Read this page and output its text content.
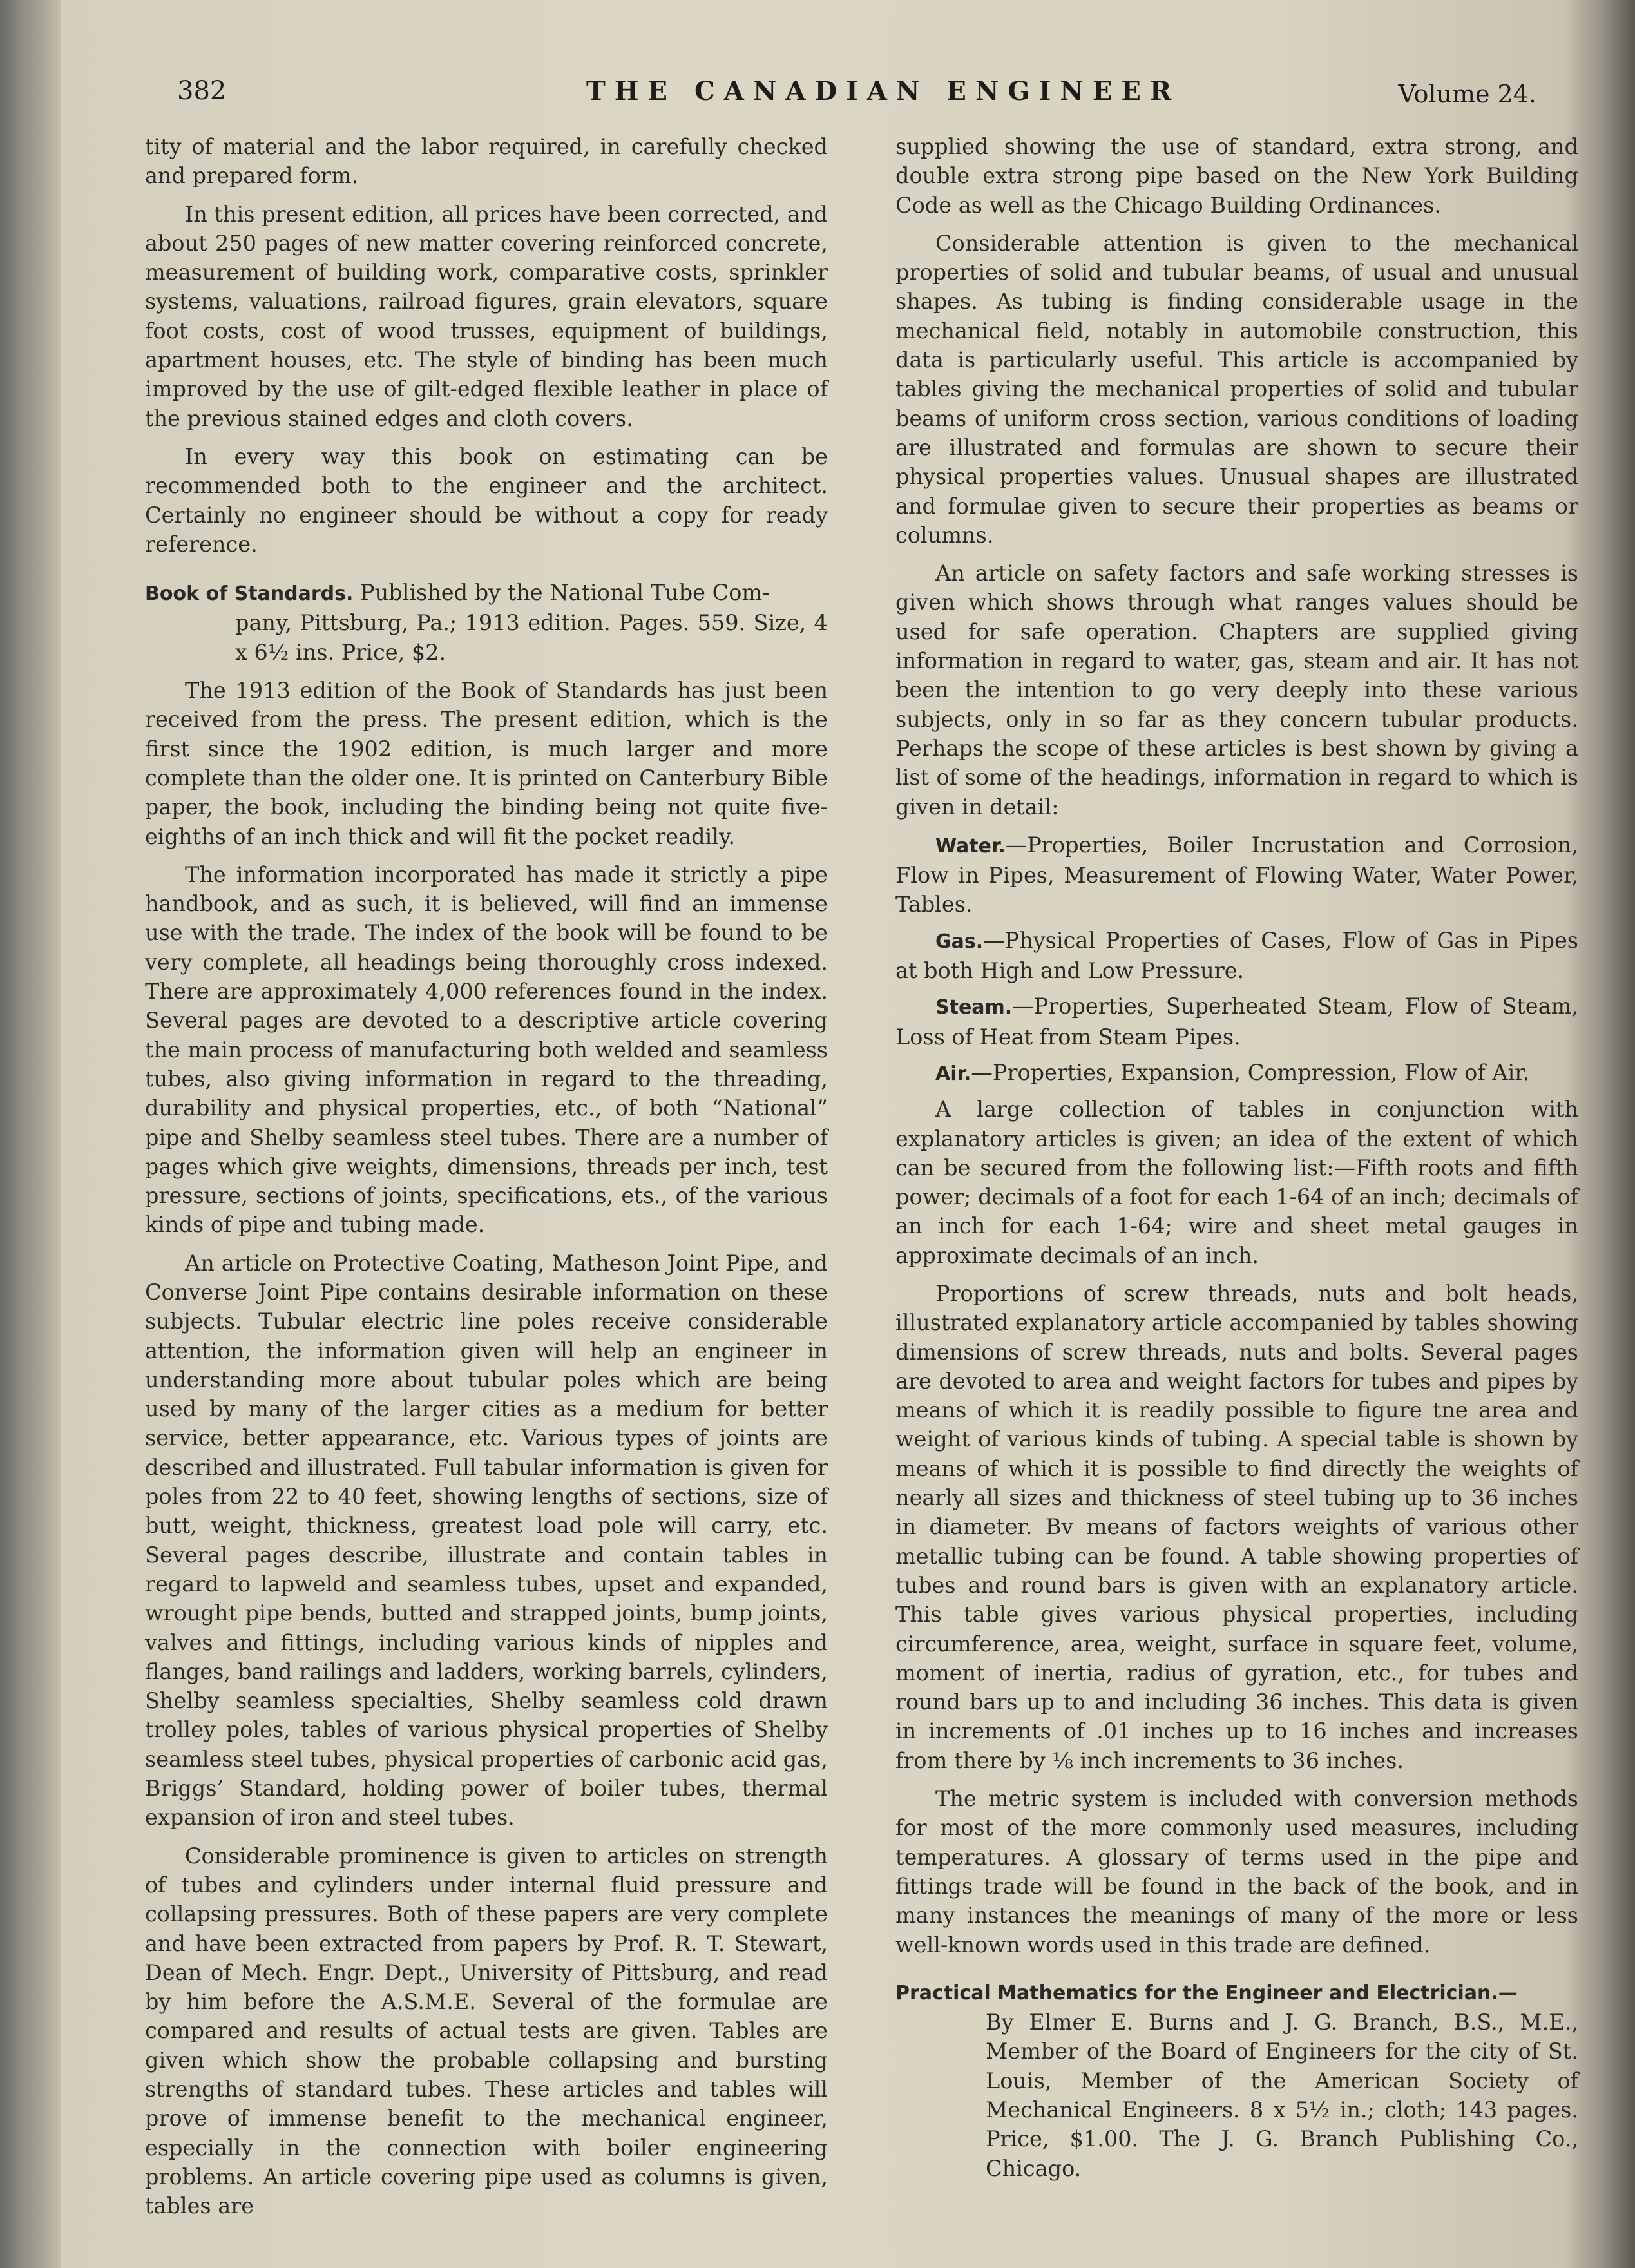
382	THE CANADIAN ENGINEER	Volume 24.

tity of material and the labor required, in carefully checked and prepared form.

In this present edition, all prices have been corrected, and about 250 pages of new matter covering reinforced concrete, measurement of building work, comparative costs, sprinkler systems, valuations, railroad figures, grain elevators, square foot costs, cost of wood trusses, equipment of buildings, apartment houses, etc. The style of binding has been much improved by the use of gilt-edged flexible leather in place of the previous stained edges and cloth covers.

In every way this book on estimating can be recommended both to the engineer and the architect. Certainly no engineer should be without a copy for ready reference.

Book of Standards. Published by the National Tube Com-
pany, Pittsburg, Pa.; 1913 edition. Pages. 559. Size, 4 x 6½ ins. Price, $2.

The 1913 edition of the Book of Standards has just been received from the press. The present edition, which is the first since the 1902 edition, is much larger and more complete than the older one. It is printed on Canterbury Bible paper, the book, including the binding being not quite five-eighths of an inch thick and will fit the pocket readily.

The information incorporated has made it strictly a pipe handbook, and as such, it is believed, will find an immense use with the trade. The index of the book will be found to be very complete, all headings being thoroughly cross indexed. There are approximately 4,000 references found in the index. Several pages are devoted to a descriptive article covering the main process of manufacturing both welded and seamless tubes, also giving information in regard to the threading, durability and physical properties, etc., of both “National” pipe and Shelby seamless steel tubes. There are a number of pages which give weights, dimensions, threads per inch, test pressure, sections of joints, specifications, ets., of the various kinds of pipe and tubing made.

An article on Protective Coating, Matheson Joint Pipe, and Converse Joint Pipe contains desirable information on these subjects. Tubular electric line poles receive considerable attention, the information given will help an engineer in understanding more about tubular poles which are being used by many of the larger cities as a medium for better service, better appearance, etc. Various types of joints are described and illustrated. Full tabular information is given for poles from 22 to 40 feet, showing lengths of sections, size of butt, weight, thickness, greatest load pole will carry, etc. Several pages describe, illustrate and contain tables in regard to lapweld and seamless tubes, upset and expanded, wrought pipe bends, butted and strapped joints, bump joints, valves and fittings, including various kinds of nipples and flanges, band railings and ladders, working barrels, cylinders, Shelby seamless specialties, Shelby seamless cold drawn trolley poles, tables of various physical properties of Shelby seamless steel tubes, physical properties of carbonic acid gas, Briggs’ Standard, holding power of boiler tubes, thermal expansion of iron and steel tubes.

Considerable prominence is given to articles on strength of tubes and cylinders under internal fluid pressure and collapsing pressures. Both of these papers are very complete and have been extracted from papers by Prof. R. T. Stewart, Dean of Mech. Engr. Dept., University of Pittsburg, and read by him before the A.S.M.E. Several of the formulae are compared and results of actual tests are given. Tables are given which show the probable collapsing and bursting strengths of standard tubes. These articles and tables will prove of immense benefit to the mechanical engineer, especially in the connection with boiler engineering problems. An article covering pipe used as columns is given, tables are

supplied showing the use of standard, extra strong, and double extra strong pipe based on the New York Building Code as well as the Chicago Building Ordinances.

Considerable attention is given to the mechanical properties of solid and tubular beams, of usual and unusual shapes. As tubing is finding considerable usage in the mechanical field, notably in automobile construction, this data is particularly useful. This article is accompanied by tables giving the mechanical properties of solid and tubular beams of uniform cross section, various conditions of loading are illustrated and formulas are shown to secure their physical properties values. Unusual shapes are illustrated and formulae given to secure their properties as beams or columns.

An article on safety factors and safe working stresses is given which shows through what ranges values should be used for safe operation. Chapters are supplied giving information in regard to water, gas, steam and air. It has not been the intention to go very deeply into these various subjects, only in so far as they concern tubular products. Perhaps the scope of these articles is best shown by giving a list of some of the headings, information in regard to which is given in detail:

Water.—Properties, Boiler Incrustation and Corrosion, Flow in Pipes, Measurement of Flowing Water, Water Power, Tables.
Gas.—Physical Properties of Cases, Flow of Gas in Pipes at both High and Low Pressure.
Steam.—Properties, Superheated Steam, Flow of Steam, Loss of Heat from Steam Pipes.
Air.—Properties, Expansion, Compression, Flow of Air.

A large collection of tables in conjunction with explanatory articles is given; an idea of the extent of which can be secured from the following list:—Fifth roots and fifth power; decimals of a foot for each 1-64 of an inch; decimals of an inch for each 1-64; wire and sheet metal gauges in approximate decimals of an inch.

Proportions of screw threads, nuts and bolt heads, illustrated explanatory article accompanied by tables showing dimensions of screw threads, nuts and bolts. Several pages are devoted to area and weight factors for tubes and pipes by means of which it is readily possible to figure tne area and weight of various kinds of tubing. A special table is shown by means of which it is possible to find directly the weights of nearly all sizes and thickness of steel tubing up to 36 inches in diameter. Bv means of factors weights of various other metallic tubing can be found. A table showing properties of tubes and round bars is given with an explanatory article. This table gives various physical properties, including circumference, area, weight, surface in square feet, volume, moment of inertia, radius of gyration, etc., for tubes and round bars up to and including 36 inches. This data is given in increments of .01 inches up to 16 inches and increases from there by ⅛ inch increments to 36 inches.

The metric system is included with conversion methods for most of the more commonly used measures, including temperatures. A glossary of terms used in the pipe and fittings trade will be found in the back of the book, and in many instances the meanings of many of the more or less well-known words used in this trade are defined.

Practical Mathematics for the Engineer and Electrician.—
By Elmer E. Burns and J. G. Branch, B.S., M.E., Member of the Board of Engineers for the city of St. Louis, Member of the American Society of Mechanical Engineers. 8 x 5½ in.; cloth; 143 pages. Price, $1.00. The J. G. Branch Publishing Co., Chicago.
